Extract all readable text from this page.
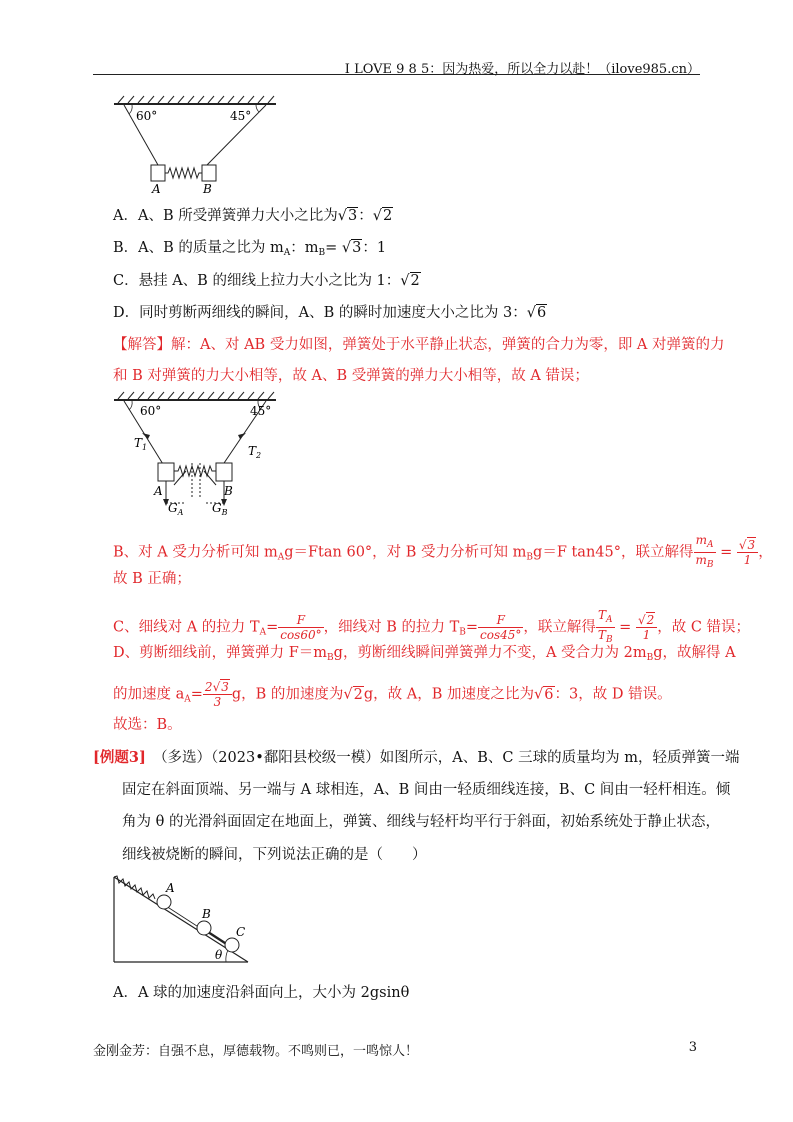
I LOVE 9 8 5：因为热爱，所以全力以赴！（ilove985.cn）
60°	45°
A	B
A．A、B 所受弹簧弹力大小之比为√3：√2
B．A、B 的质量之比为 $m_A$：$m_B= √3$：1
C．悬挂 A、B 的细线上拉力大小之比为 1：√2
D．同时剪断两细线的瞬间，A、B 的瞬时加速度大小之比为 3：√6
【解答】解：A、对 AB 受力如图，弹簧处于水平静止状态，弹簧的合力为零，即 A 对弹簧的力
和 B 对弹簧的力大小相等，故 A、B 受弹簧的弹力大小相等，故 A 错误；
60°	45°
$T_1$	$T_2$
A	B
$G_A$ $G_B$
B、对 A 受力分析可知 $m_Ag=Ftan$ 60°，对 B 受力分析可知 $m_Bg=F$ tan45°，联立解得 $\frac{m_A}{m_B} = \frac{√3}{1}$ ，
故 B 正确；
C、细线对 A 的拉力 $T_A= \frac{F}{\cos 60^\circ}$ ，细线对 B 的拉力 $T_B= \frac{F}{\cos 45^\circ}$ ，联立解得 $\frac{T_A}{T_B} = \frac{√2}{1}$ ，故 C 错误；
D、剪断细线前，弹簧弹力 $F=m_Bg$，剪断细线瞬间弹簧弹力不变，A 受合力为 $2m_Bg$，故解得 A
的加速度 $a_A= \frac{2√3}{3}$ g，B 的加速度为√2g，故 A，B 加速度之比为√6：3，故 D 错误。
故选：B。
[例题3]　 （多选）（2023•鄱阳县校级一模）如图所示，A、B、C 三球的质量均为 m，轻质弹簧一端
固定在斜面顶端、另一端与 A 球相连，A、B 间由一轻质细线连接，B、C 间由一轻杆相连。倾
角为 θ 的光滑斜面固定在地面上，弹簧、细线与轻杆均平行于斜面，初始系统处于静止状态，
细线被烧断的瞬间，下列说法正确的是（　　）
A
B
C
θ
A．A 球的加速度沿斜面向上，大小为 2gsinθ
金刚金芳：自强不息，厚德载物。不鸣则已，一鸣惊人！	3
